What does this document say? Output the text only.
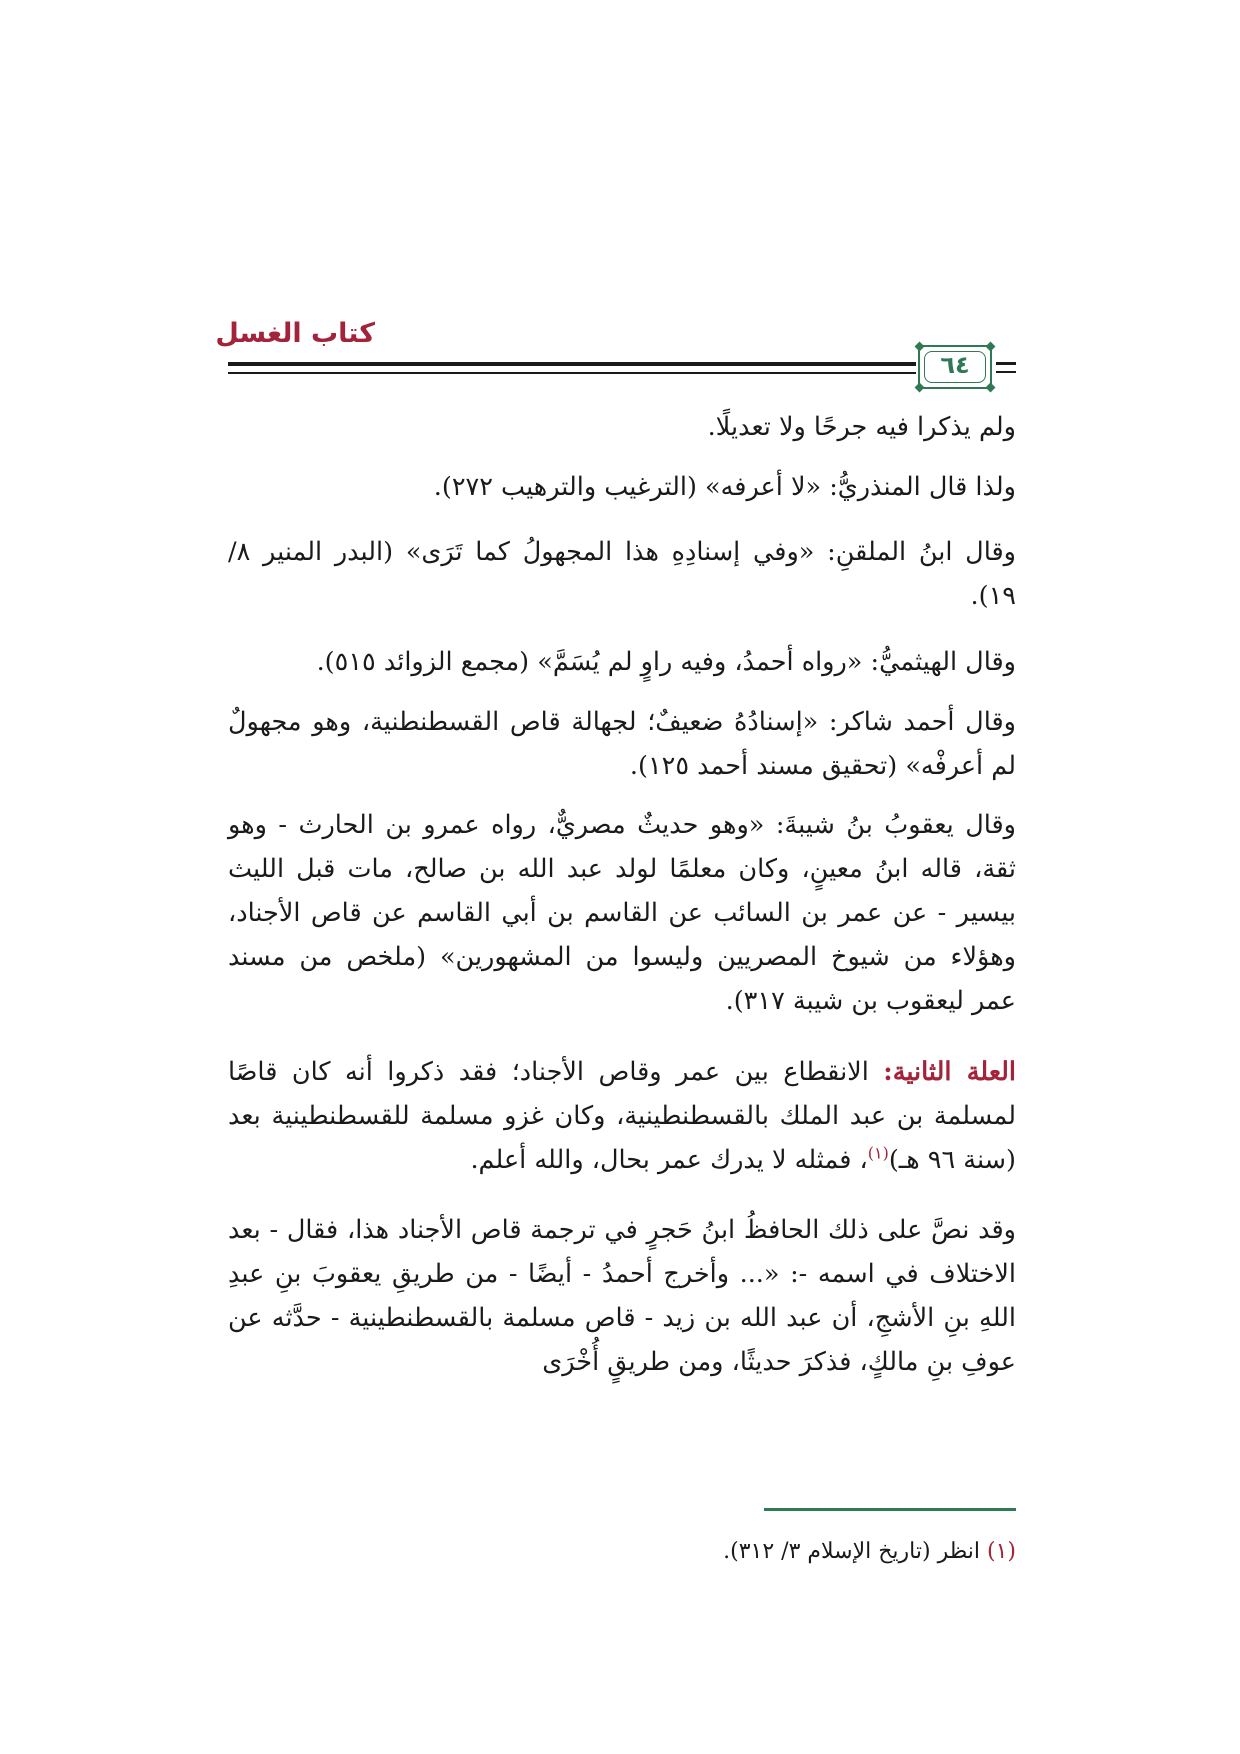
كتاب الغسل
٦٤
ولم يذكرا فيه جرحًا ولا تعديلًا.
ولذا قال المنذريُّ: «لا أعرفه» (الترغيب والترهيب ٢٧٢).
وقال ابنُ الملقنِ: «وفي إسنادِهِ هذا المجهولُ كما تَرَى» (البدر المنير ٨/ ١٩).
وقال الهيثميُّ: «رواه أحمدُ، وفيه راوٍ لم يُسَمَّ» (مجمع الزوائد ٥١٥).
وقال أحمد شاكر: «إسنادُهُ ضعيفٌ؛ لجهالة قاص القسطنطنية، وهو مجهولٌ لم أعرفْه» (تحقيق مسند أحمد ١٢٥).
وقال يعقوبُ بنُ شيبةَ: «وهو حديثٌ مصريٌّ، رواه عمرو بن الحارث - وهو ثقة، قاله ابنُ معينٍ، وكان معلمًا لولد عبد الله بن صالح، مات قبل الليث بيسير - عن عمر بن السائب عن القاسم بن أبي القاسم عن قاص الأجناد، وهؤلاء من شيوخ المصريين وليسوا من المشهورين» (ملخص من مسند عمر ليعقوب بن شيبة ٣١٧).
العلة الثانية: الانقطاع بين عمر وقاص الأجناد؛ فقد ذكروا أنه كان قاصًا لمسلمة بن عبد الملك بالقسطنطينية، وكان غزو مسلمة للقسطنطينية بعد (سنة ٩٦ هـ)$^{(١)}$، فمثله لا يدرك عمر بحال، والله أعلم.
وقد نصَّ على ذلك الحافظُ ابنُ حَجرٍ في ترجمة قاص الأجناد هذا، فقال - بعد الاختلاف في اسمه -: «... وأخرج أحمدُ - أيضًا - من طريقِ يعقوبَ بنِ عبدِ اللهِ بنِ الأشجِ، أن عبد الله بن زيد - قاص مسلمة بالقسطنطينية - حدَّثه عن عوفِ بنِ مالكٍ، فذكرَ حديثًا، ومن طريقٍ أُخْرَى
(١) انظر (تاريخ الإسلام ٣/ ٣١٢).
